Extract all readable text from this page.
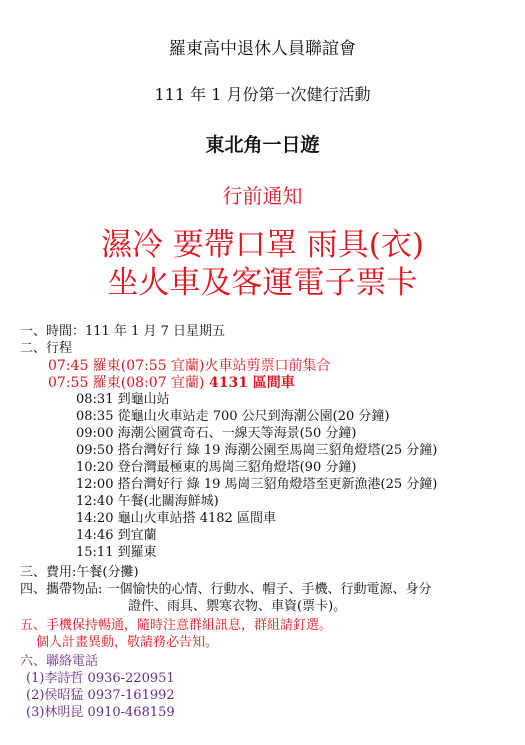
羅東高中退休人員聯誼會
111 年 1 月份第一次健行活動
東北角一日遊
行前通知
濕冷 要帶口罩 雨具(衣)
坐火車及客運電子票卡
一、時間：111 年 1 月 7 日星期五
二、行程
07:45 羅東(07:55 宜蘭)火車站剪票口前集合
07:55 羅東(08:07 宜蘭) 4131 區間車
08:31 到龜山站
08:35 從龜山火車站走 700 公尺到海潮公園(20 分鐘)
09:00 海潮公園賞奇石、一線天等海景(50 分鐘)
09:50 搭台灣好行 綠 19 海潮公園至馬崗三貂角燈塔(25 分鐘)
10:20 登台灣最極東的馬崗三貂角燈塔(90 分鐘)
12:00 搭台灣好行 綠 19 馬崗三貂角燈塔至更新漁港(25 分鐘)
12:40 午餐(北關海鮮城)
14:20 龜山火車站搭 4182 區間車
14:46 到宜蘭
15:11 到羅東
三、費用:午餐(分攤)
四、攜帶物品: 一個愉快的心情、行動水、帽子、手機、行動電源、身分
證件、雨具、禦寒衣物、車資(票卡)。
五、手機保持暢通，隨時注意群組訊息，群組請釘選。
個人計畫異動，敬請務必告知。
六、聯絡電話
(1)李詩哲 0936-220951
(2)侯昭猛 0937-161992
(3)林明昆 0910-468159
